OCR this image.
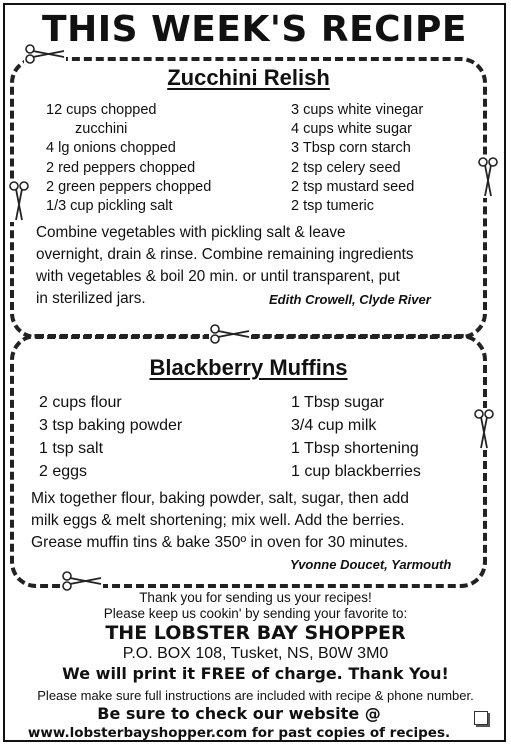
THIS WEEK'S RECIPE
Zucchini Relish
12 cups chopped
zucchini
4 lg onions chopped
2 red peppers chopped
2 green peppers chopped
1/3 cup pickling salt
3 cups white vinegar
4 cups white sugar
3 Tbsp corn starch
2 tsp celery seed
2 tsp mustard seed
2 tsp tumeric
Combine vegetables with pickling salt & leave
overnight, drain & rinse. Combine remaining ingredients
with vegetables & boil 20 min. or until transparent, put
in sterilized jars.	Edith Crowell, Clyde River
Blackberry Muffins
2 cups flour
3 tsp baking powder
1 tsp salt
2 eggs
1 Tbsp sugar
3/4 cup milk
1 Tbsp shortening
1 cup blackberries
Mix together flour, baking powder, salt, sugar, then add
milk eggs & melt shortening; mix well. Add the berries.
Grease muffin tins & bake 350º in oven for 30 minutes.
Yvonne Doucet, Yarmouth
Thank you for sending us your recipes!
Please keep us cookin' by sending your favorite to:
THE LOBSTER BAY SHOPPER
P.O. BOX 108, Tusket, NS, B0W 3M0
We will print it FREE of charge. Thank You!
Please make sure full instructions are included with recipe & phone number.
Be sure to check our website @
www.lobsterbayshopper.com for past copies of recipes.
